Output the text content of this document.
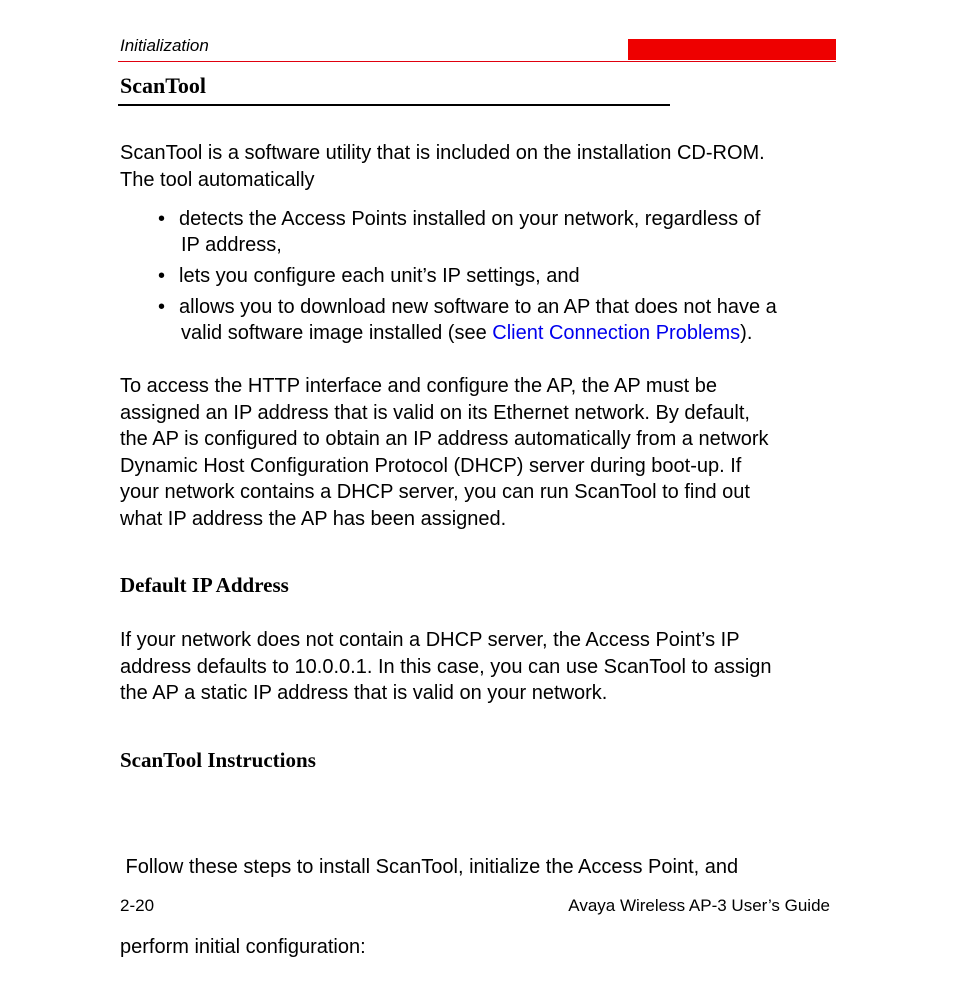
Initialization
ScanTool
ScanTool is a software utility that is included on the installation CD-ROM.
The tool automatically
• detects the Access Points installed on your network, regardless of
IP address,
• lets you configure each unit’s IP settings, and
• allows you to download new software to an AP that does not have a
valid software image installed (see Client Connection Problems).
To access the HTTP interface and configure the AP, the AP must be
assigned an IP address that is valid on its Ethernet network. By default,
the AP is configured to obtain an IP address automatically from a network
Dynamic Host Configuration Protocol (DHCP) server during boot-up. If
your network contains a DHCP server, you can run ScanTool to find out
what IP address the AP has been assigned.
Default IP Address
If your network does not contain a DHCP server, the Access Point’s IP
address defaults to 10.0.0.1. In this case, you can use ScanTool to assign
the AP a static IP address that is valid on your network.
ScanTool Instructions

Follow these steps to install ScanTool, initialize the Access Point, and

perform initial configuration:

2-20	Avaya Wireless AP-3 User’s Guide
